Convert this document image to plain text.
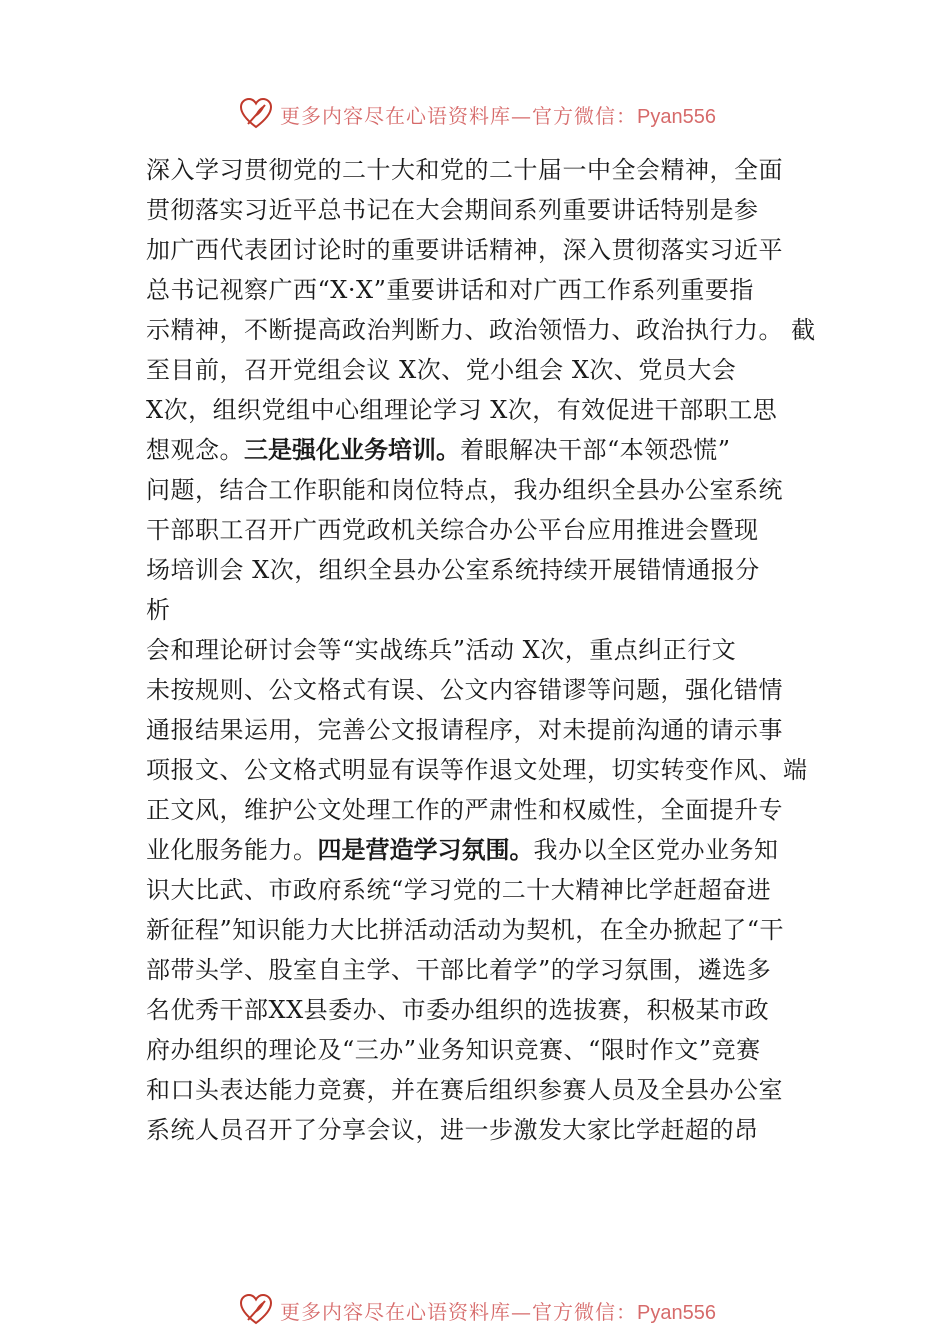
更多内容尽在心语资料库—官方微信：Pyan556
深入学习贯彻党的二十大和党的二十届一中全会精神，全面
贯彻落实习近平总书记在大会期间系列重要讲话特别是参
加广西代表团讨论时的重要讲话精神，深入贯彻落实习近平
总书记视察广西“X·X”重要讲话和对广西工作系列重要指
示精神，不断提高政治判断力、政治领悟力、政治执行力。 截
至目前，召开党组会议 X次、党小组会 X次、党员大会
X次，组织党组中心组理论学习 X次，有效促进干部职工思
想观念。三是强化业务培训。着眼解决干部“本领恐慌”
问题，结合工作职能和岗位特点，我办组织全县办公室系统
干部职工召开广西党政机关综合办公平台应用推进会暨现
场培训会 X次，组织全县办公室系统持续开展错情通报分
析
会和理论研讨会等“实战练兵”活动 X次，重点纠正行文
未按规则、公文格式有误、公文内容错谬等问题，强化错情
通报结果运用，完善公文报请程序，对未提前沟通的请示事
项报文、公文格式明显有误等作退文处理，切实转变作风、端
正文风，维护公文处理工作的严肃性和权威性，全面提升专
业化服务能力。四是营造学习氛围。我办以全区党办业务知
识大比武、市政府系统“学习党的二十大精神比学赶超奋进
新征程”知识能力大比拼活动活动为契机，在全办掀起了“干
部带头学、股室自主学、干部比着学”的学习氛围，遴选多
名优秀干部XX县委办、市委办组织的选拔赛，积极某市政
府办组织的理论及“三办”业务知识竞赛、“限时作文”竞赛
和口头表达能力竞赛，并在赛后组织参赛人员及全县办公室
系统人员召开了分享会议，进一步激发大家比学赶超的昂
更多内容尽在心语资料库—官方微信：Pyan556
